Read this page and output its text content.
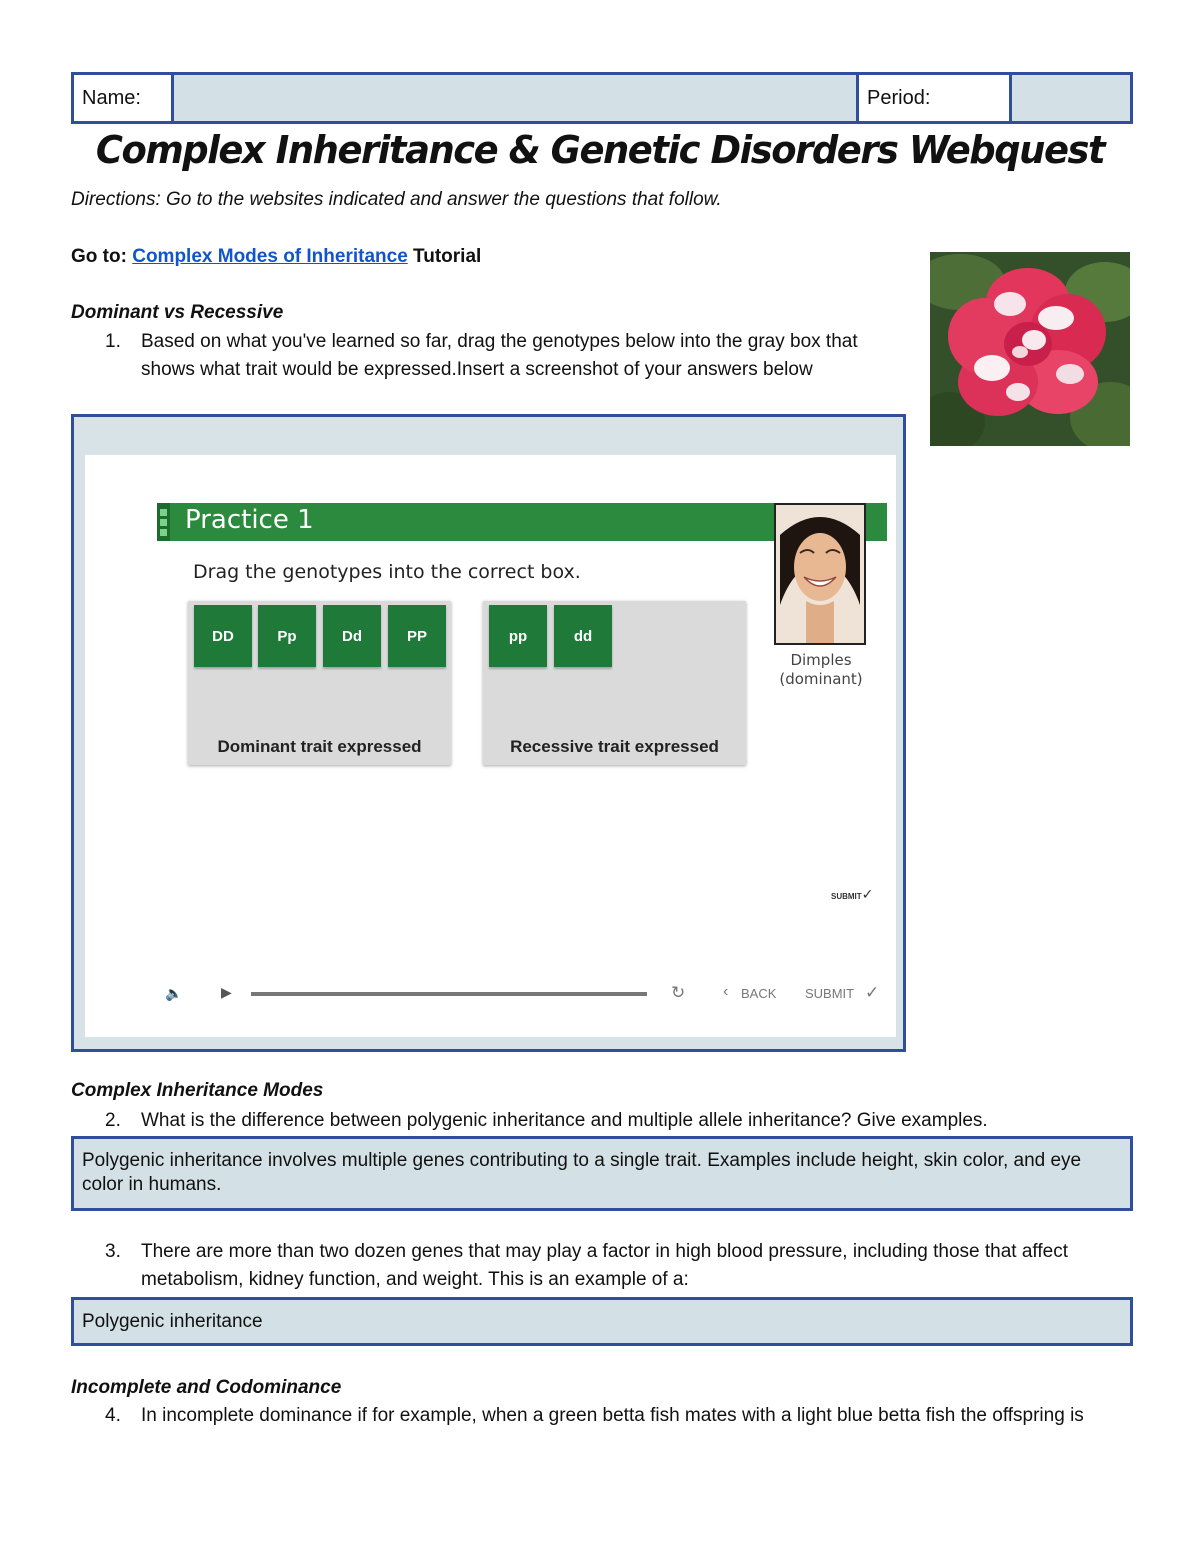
Name:	Period:
Complex Inheritance & Genetic Disorders Webquest
Directions: Go to the websites indicated and answer the questions that follow.
Go to: Complex Modes of Inheritance Tutorial
Dominant vs Recessive
1. Based on what you've learned so far, drag the genotypes below into the gray box that shows what trait would be expressed.Insert a screenshot of your answers below
Practice 1
Drag the genotypes into the correct box.
DD	Pp	Dd	PP
Dominant trait expressed
pp	dd
Recessive trait expressed
Dimples
(dominant)
SUBMIT✓
🔈	▶	↻ ‹ BACK SUBMIT ✓
Complex Inheritance Modes
2. What is the difference between polygenic inheritance and multiple allele inheritance? Give examples.
Polygenic inheritance involves multiple genes contributing to a single trait. Examples include height, skin color, and eye color in humans.
3. There are more than two dozen genes that may play a factor in high blood pressure, including those that affect metabolism, kidney function, and weight. This is an example of a:
Polygenic inheritance
Incomplete and Codominance
4. In incomplete dominance if for example, when a green betta fish mates with a light blue betta fish the offspring is
